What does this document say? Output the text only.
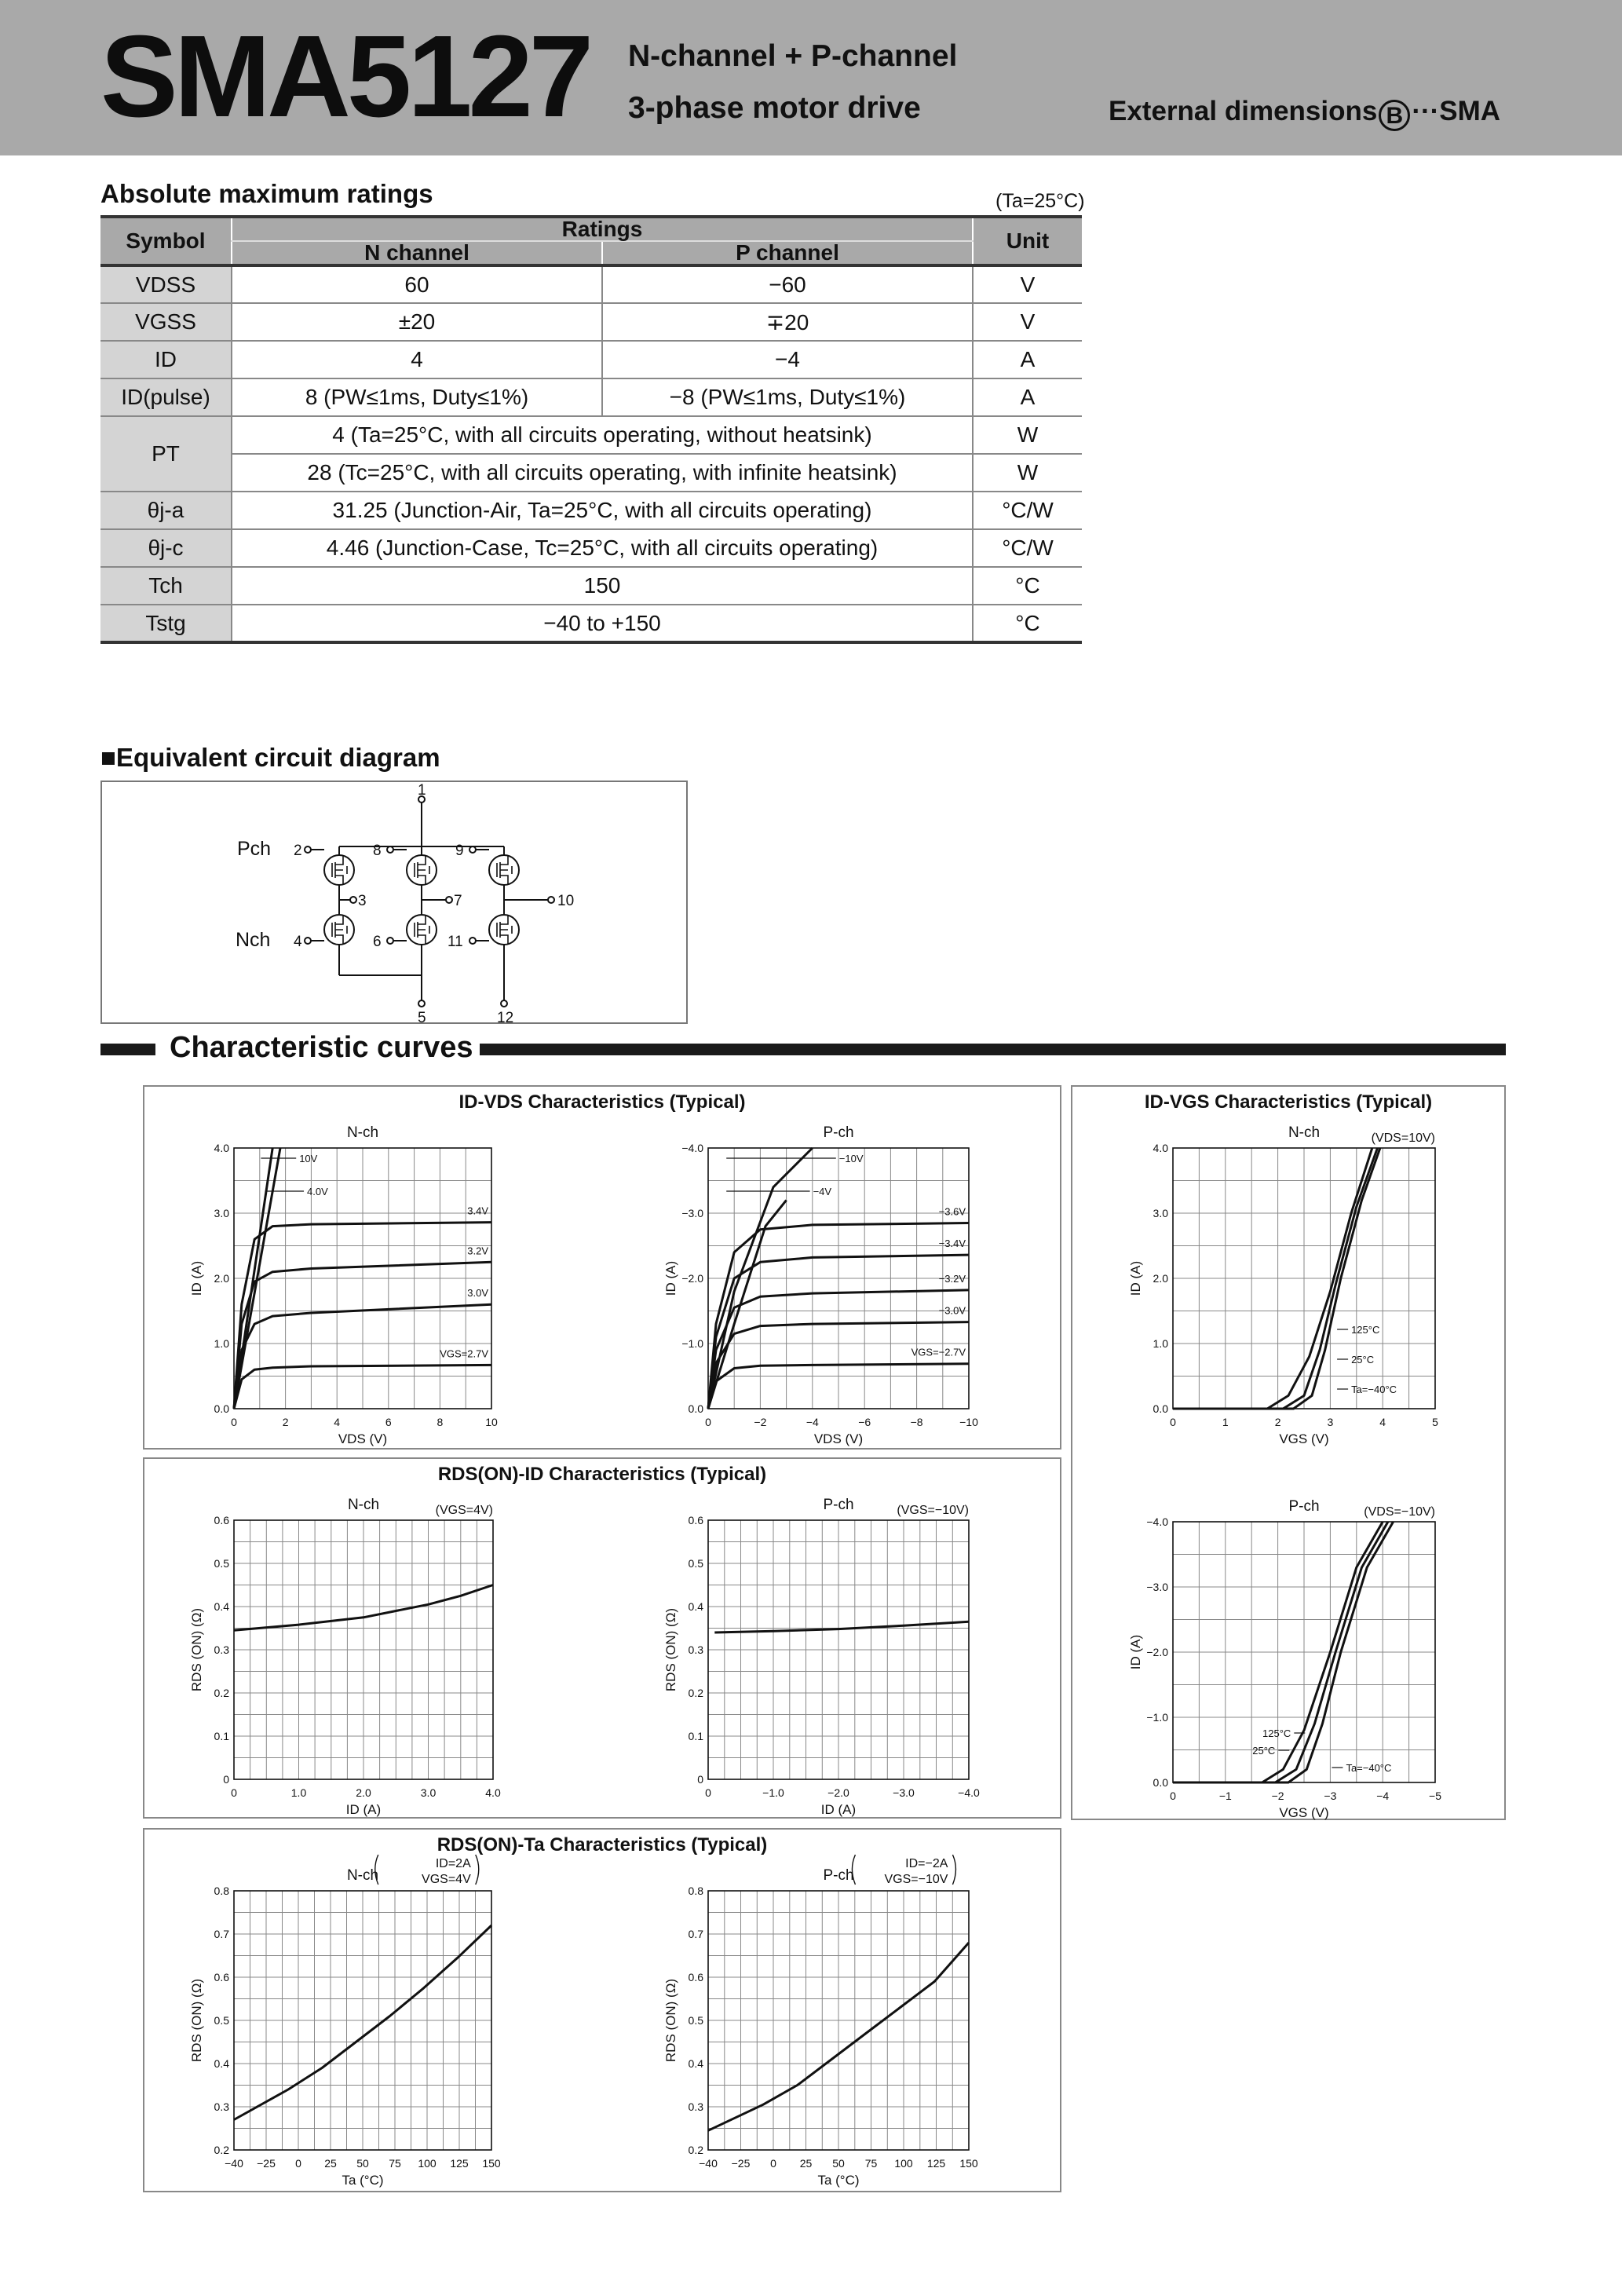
SMA5127 N-channel + P-channel
3-phase motor drive	External dimensions B ···SMA
Absolute maximum ratings	(Ta=25°C)
Symbol	Ratings		Unit
	N channel	P channel	
VDSS	60	−60	V
VGSS	±20	∓20	V
ID	4	−4	A
ID(pulse)	8 (PW≤1ms, Duty≤1%)	−8 (PW≤1ms, Duty≤1%)	A
PT	4 (Ta=25°C, with all circuits operating, without heatsink)		W
	28 (Tc=25°C, with all circuits operating, with infinite heatsink)		W
θj-a	31.25 (Junction-Air, Ta=25°C, with all circuits operating)		°C/W
θj-c	4.46 (Junction-Case, Tc=25°C, with all circuits operating)		°C/W
Tch	150		°C
Tstg	−40 to +150		°C
■Equivalent circuit diagram
1
5	12
3	7	10
2	8	9
4	6	11
Pch
Nch
Characteristic curves
ID-VDS Characteristics (Typical)	ID-VGS Characteristics (Typical)
RDS(ON)-ID Characteristics (Typical)
RDS(ON)-Ta Characteristics (Typical)
0	2	4	6	8	10
0.0
1.0
2.0
3.0
4.0
VDS (V)
ID (A)
N-ch
10V
4.0V
3.4V
3.2V
3.0V
VGS=2.7V
0	−2	−4	−6	−8	−10
0.0
−1.0
−2.0
−3.0
−4.0
VDS (V)
ID (A)
P-ch
−10V
−4V
−3.6V
−3.4V
−3.2V
−3.0V
VGS=−2.7V
0	1	2	3	4	5
0.0
1.0
2.0
3.0
4.0
VGS (V)
ID (A)
N-ch	(VDS=10V)
125°C
25°C
Ta=−40°C
0	−1	−2	−3	−4	−5
0.0
−1.0
−2.0
−3.0
−4.0
VGS (V)
ID (A)
P-ch	(VDS=−10V)
125°C
25°C
Ta=−40°C
0	1.0	2.0	3.0	4.0
0
0.1
0.2
0.3
0.4
0.5
0.6
ID (A)
RDS (ON) (Ω)
N-ch	(VGS=4V)
0	−1.0	−2.0	−3.0	−4.0
0
0.1
0.2
0.3
0.4
0.5
0.6
ID (A)
RDS (ON) (Ω)
P-ch	(VGS=−10V)
−40 −25 0 25 50 75 100 125 150
0.2
0.3
0.4
0.5
0.6
0.7
0.8
Ta (°C)
RDS (ON) (Ω)
N-ch
ID=2A
VGS=4V
−40 −25 0 25 50 75 100 125 150
0.2
0.3
0.4
0.5
0.6
0.7
0.8
Ta (°C)
RDS (ON) (Ω)
P-ch
ID=−2A
VGS=−10V
